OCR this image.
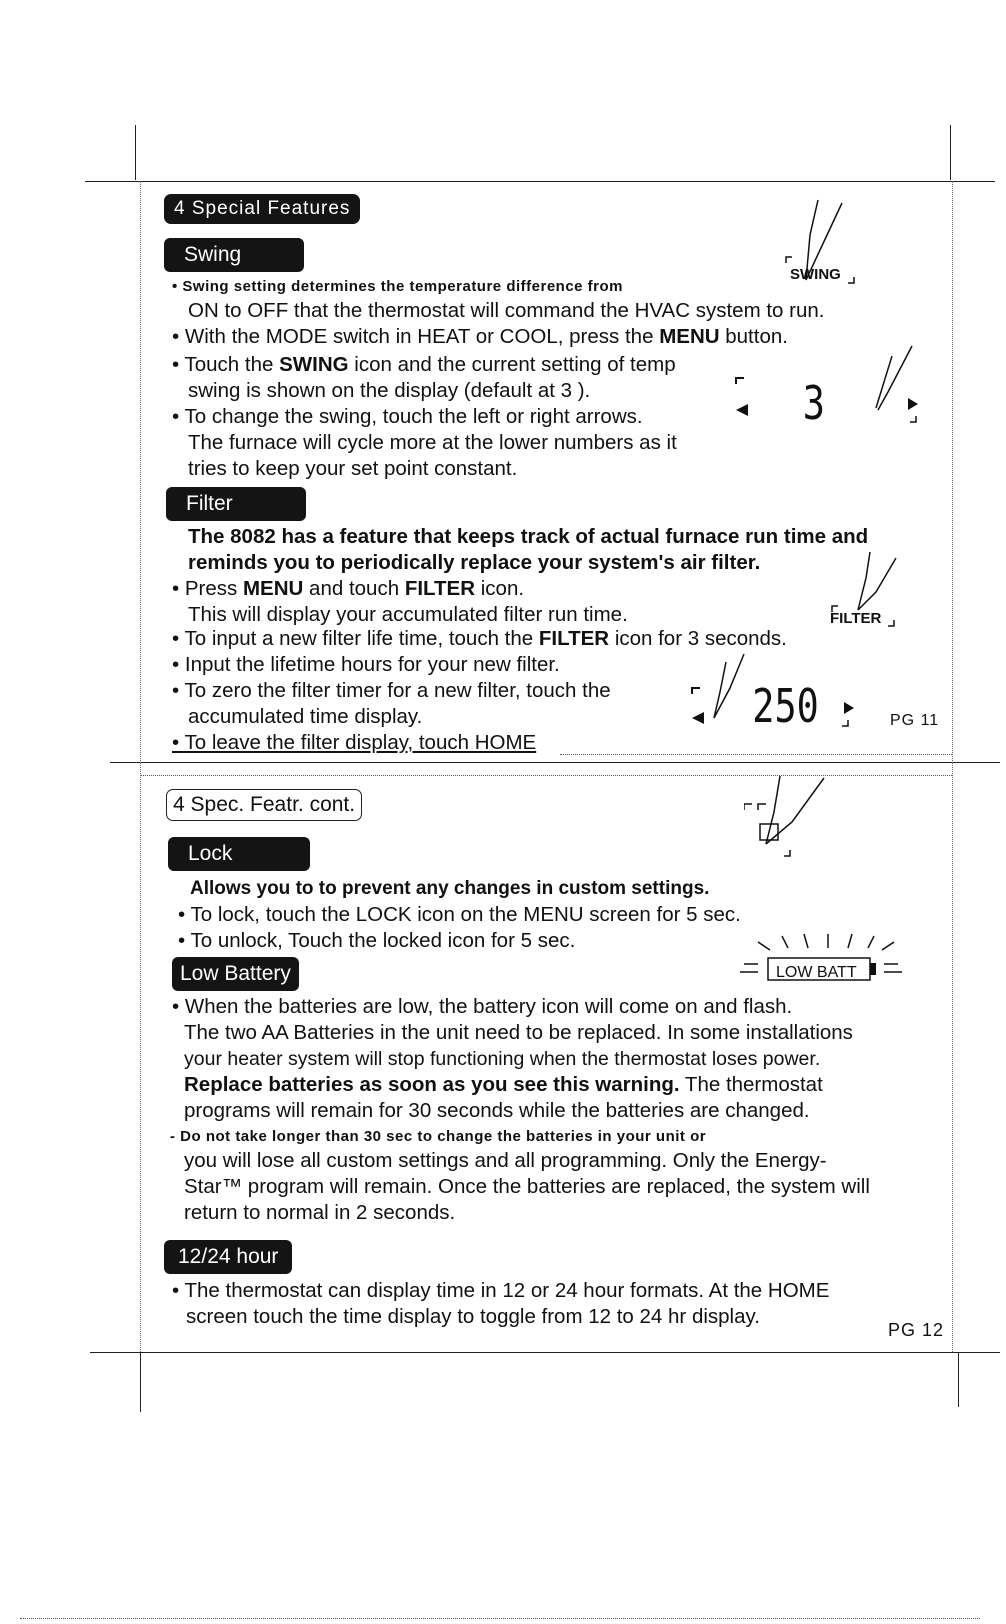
4 Special Features
Swing
SWING
• Swing setting determines the temperature difference from
ON to OFF that the thermostat will command the HVAC system to run.
• With the MODE switch in HEAT or COOL, press the MENU button.
• Touch the SWING icon and the current setting of temp
swing is shown on the display (default at 3 ).
• To change the swing, touch the left or right arrows.
The furnace will cycle more at the lower numbers as it
tries to keep your set point constant.
3
Filter
The 8082 has a feature that keeps track of actual furnace run time and
reminds you to periodically replace your system's air filter.
• Press MENU and touch FILTER icon.
This will display your accumulated filter run time.
• To input a new filter life time, touch the FILTER icon for 3 seconds.
• Input the lifetime hours for your new filter.
• To zero the filter timer for a new filter, touch the
accumulated time display.
• To leave the filter display, touch HOME
FILTER
250	PG 11
4 Spec. Featr. cont.
Lock
Allows you to to prevent any changes in custom settings.
• To lock, touch the LOCK icon on the MENU screen for 5 sec.
• To unlock, Touch the locked icon for 5 sec.
Low Battery	LOW BATT
• When the batteries are low, the battery icon will come on and flash.
The two AA Batteries in the unit need to be replaced. In some installations
your heater system will stop functioning when the thermostat loses power.
Replace batteries as soon as you see this warning. The thermostat
programs will remain for 30 seconds while the batteries are changed.
- Do not take longer than 30 sec to change the batteries in your unit or
you will lose all custom settings and all programming. Only the Energy-
Star™ program will remain. Once the batteries are replaced, the system will
return to normal in 2 seconds.
12/24 hour
• The thermostat can display time in 12 or 24 hour formats. At the HOME
screen touch the time display to toggle from 12 to 24 hr display.
PG 12
